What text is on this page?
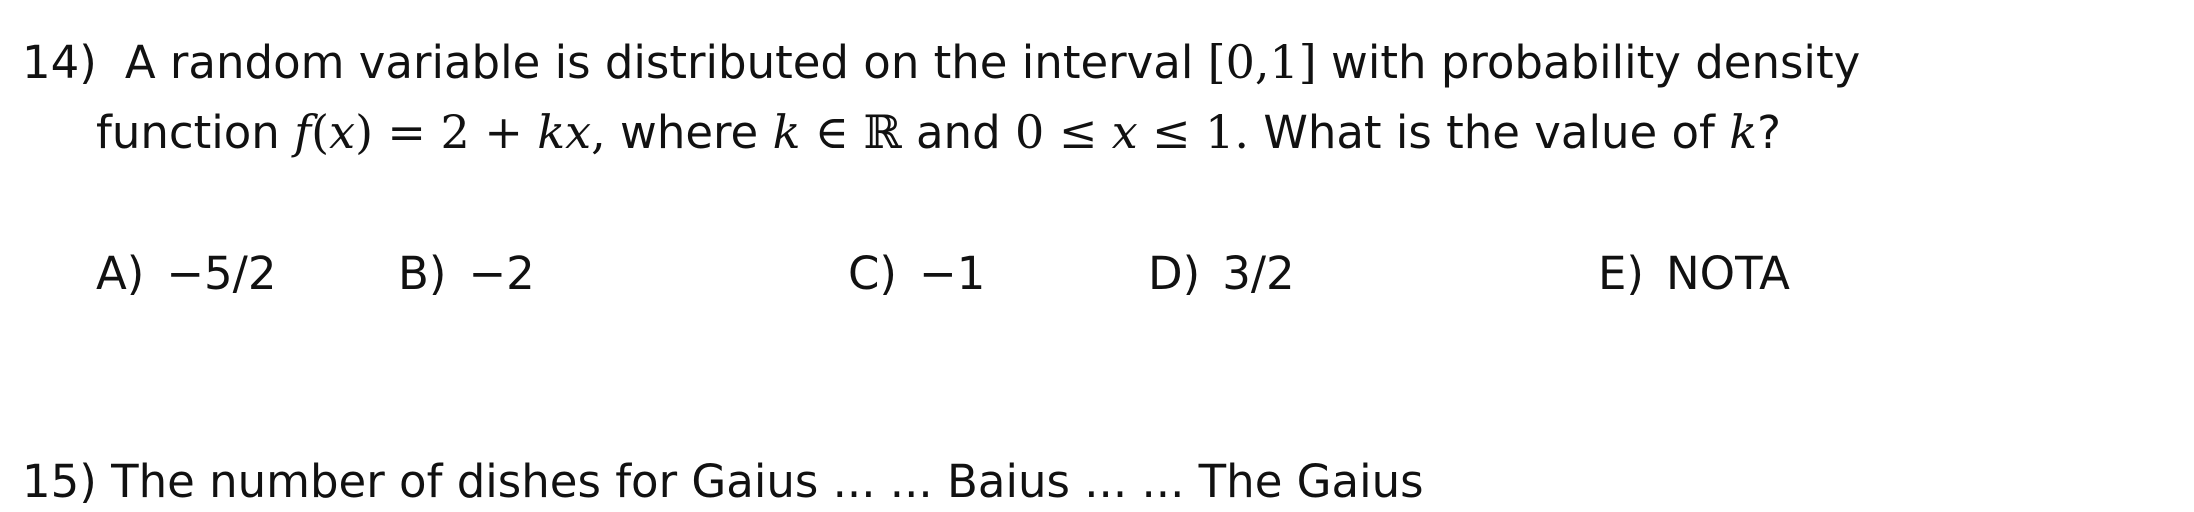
14) A random variable is distributed on the interval [0,1] with probability density
function f(x) = 2 + kx, where k ∈ ℝ and 0 ≤ x ≤ 1. What is the value of k?
A) −5/2	B) −2	C) −1	D) 3/2	E) NOTA
15) The number of dishes for Gaius ... ... Baius ... ... The Gaius
